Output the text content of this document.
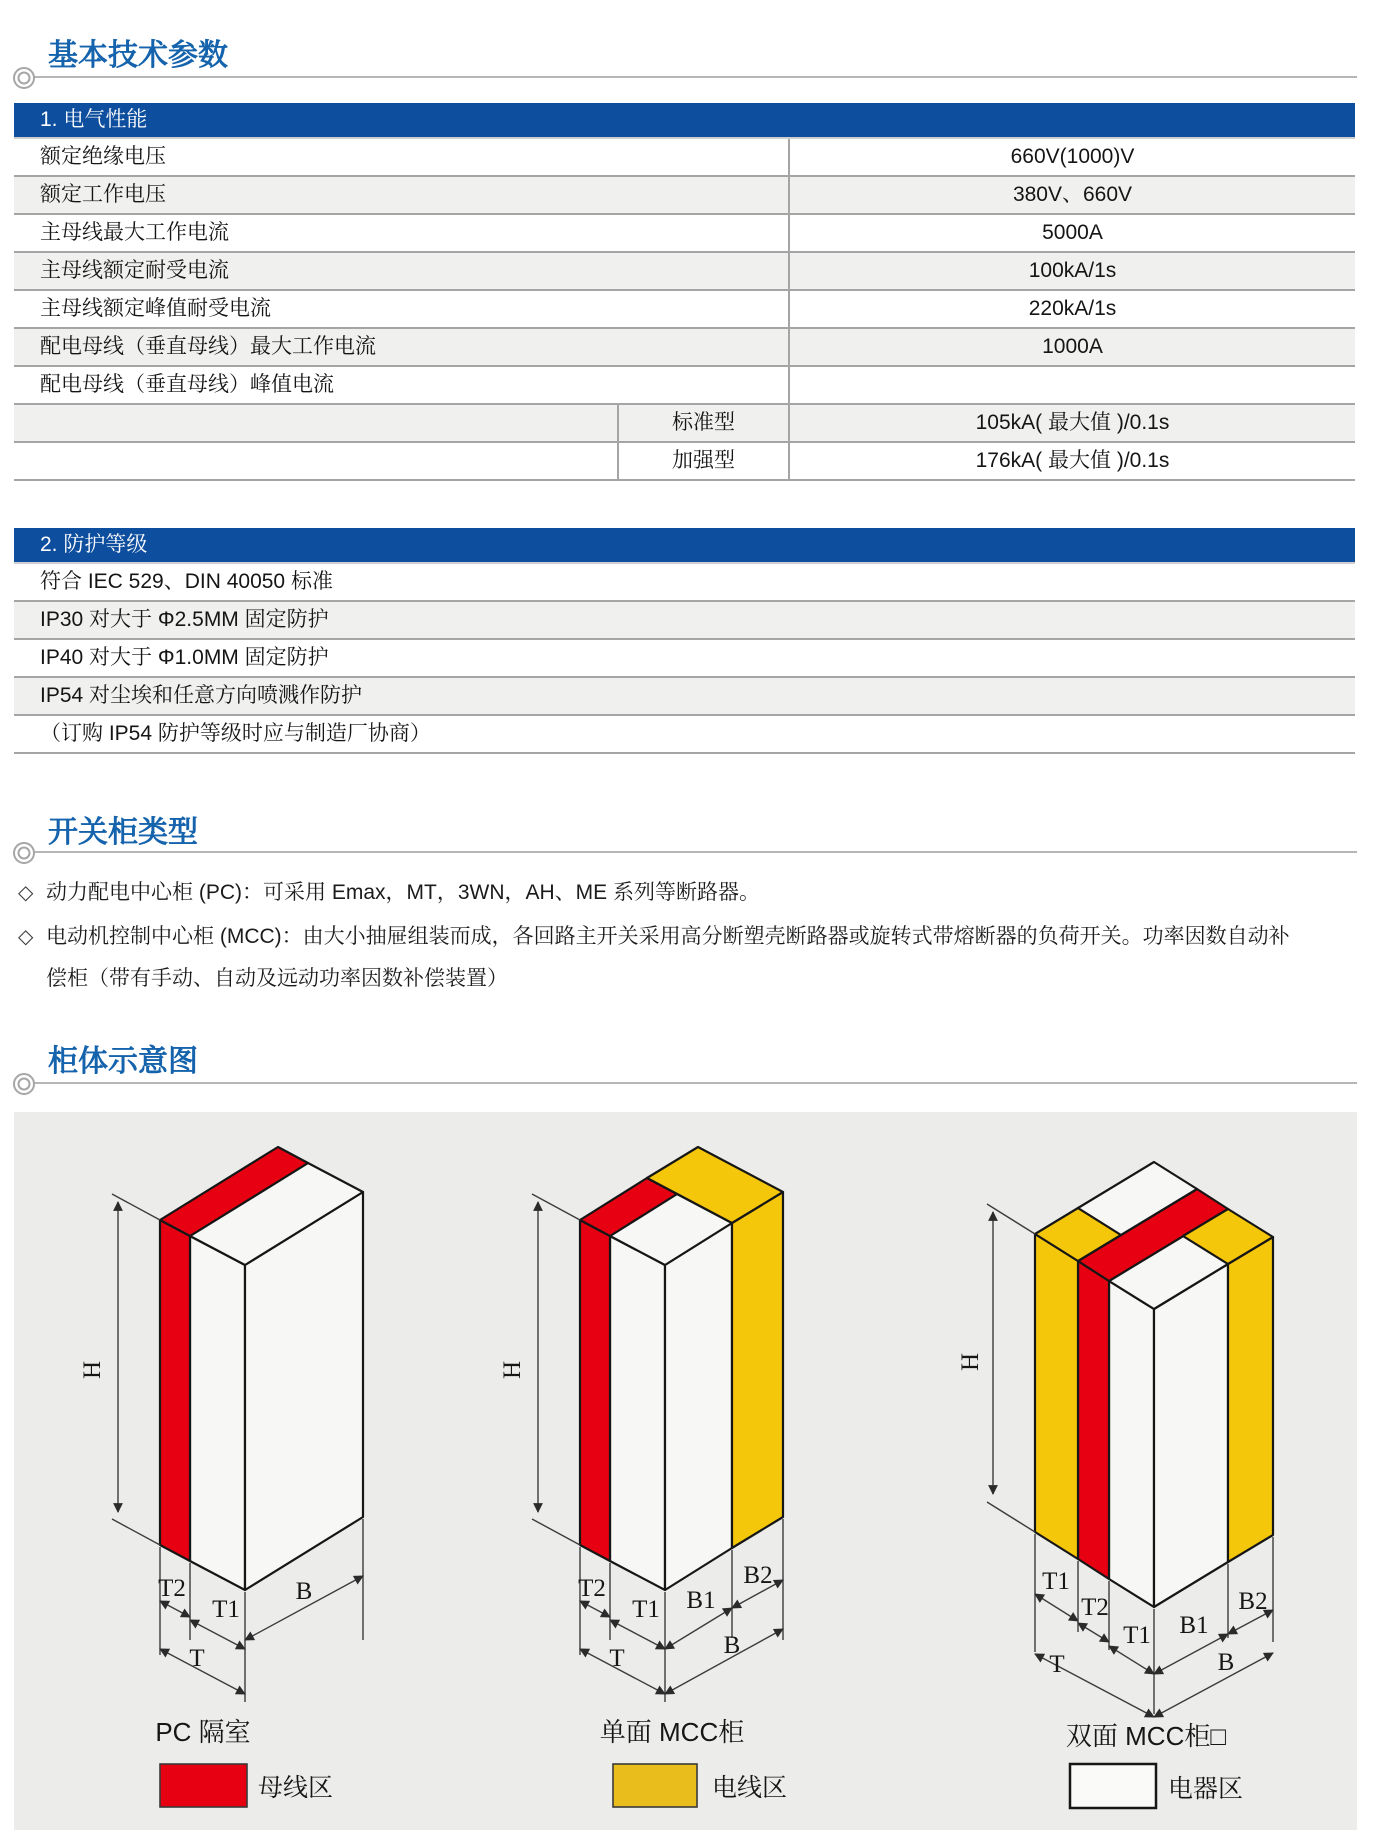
基本技术参数
1. 电气性能
额定绝缘电压	660V(1000)V
额定工作电压	380V、660V
主母线最大工作电流	5000A
主母线额定耐受电流	100kA/1s
主母线额定峰值耐受电流	220kA/1s
配电母线（垂直母线）最大工作电流	1000A
配电母线（垂直母线）峰值电流
标准型	105kA( 最大值 )/0.1s
加强型	176kA( 最大值 )/0.1s
2. 防护等级
符合 IEC 529、DIN 40050 标准
IP30 对大于 Φ2.5MM 固定防护
IP40 对大于 Φ1.0MM 固定防护
IP54 对尘埃和任意方向喷溅作防护
（订购 IP54 防护等级时应与制造厂协商）
开关柜类型
◇ 动力配电中心柜 (PC)：可采用 Emax，MT，3WN，AH、ME 系列等断路器。
◇ 电动机控制中心柜 (MCC)：由大小抽屉组装而成，各回路主开关采用高分断塑壳断路器或旋转式带熔断器的负荷开关。功率因数自动补
偿柜（带有手动、自动及远动功率因数补偿装置）
柜体示意图
H
T2
T1
B
T
PC 隔室
H
T2
T1 B1
B2
T	B
单面 MCC柜
H
T1
T2
T1 B1
B2
T	B
双面 MCC柜□
母线区	电线区	电器区
